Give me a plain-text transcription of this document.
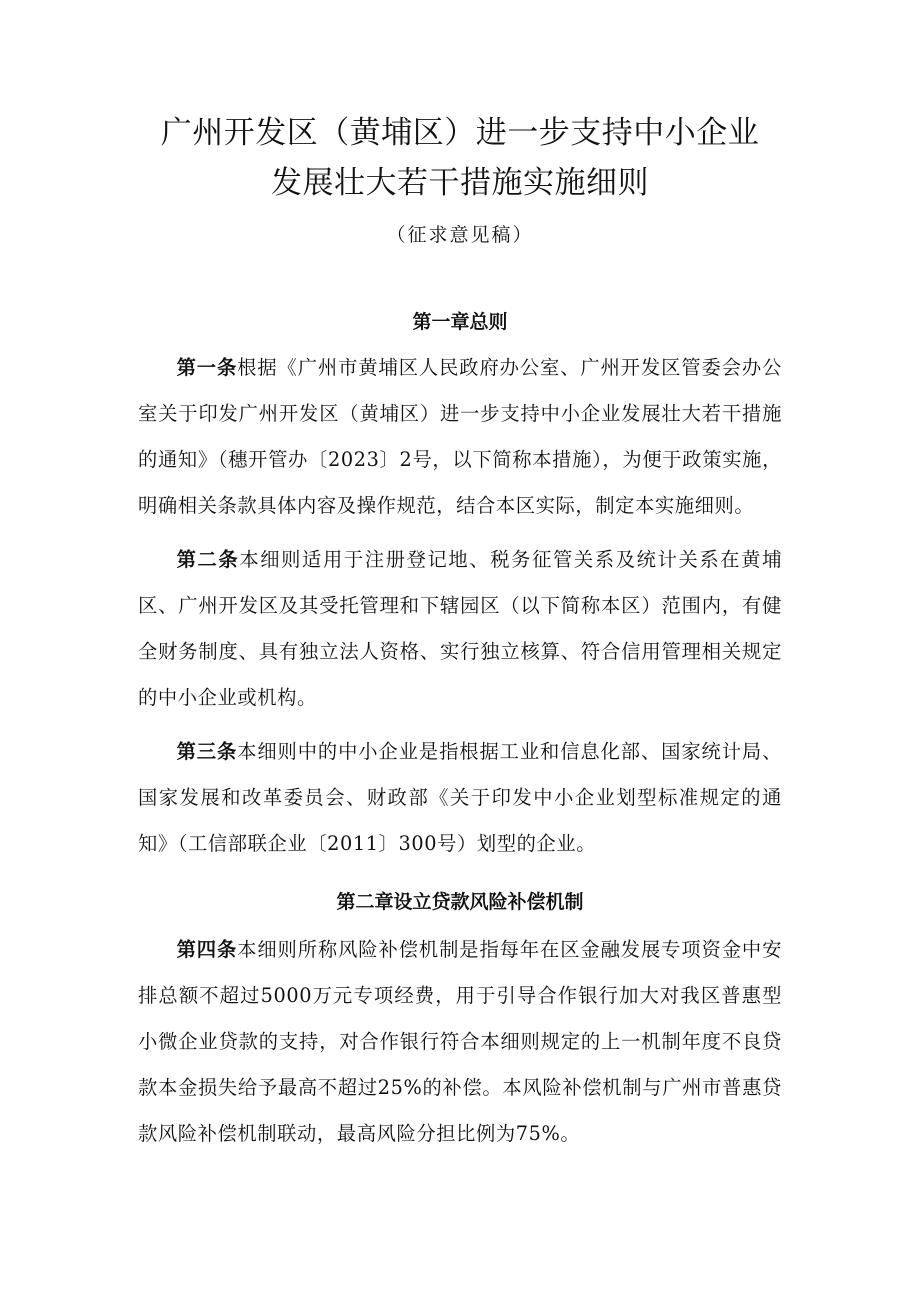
广州开发区（黄埔区）进一步支持中小企业
发展壮大若干措施实施细则
（征求意见稿）
第一章总则

第一条根据《广州市黄埔区人民政府办公室、广州开发区管委会办公室关于印发广州开发区（黄埔区）进一步支持中小企业发展壮大若干措施的通知》（穗开管办〔2023〕2号，以下简称本措施），为便于政策实施，明确相关条款具体内容及操作规范，结合本区实际，制定本实施细则。

第二条本细则适用于注册登记地、税务征管关系及统计关系在黄埔区、广州开发区及其受托管理和下辖园区（以下简称本区）范围内，有健全财务制度、具有独立法人资格、实行独立核算、符合信用管理相关规定的中小企业或机构。

第三条本细则中的中小企业是指根据工业和信息化部、国家统计局、国家发展和改革委员会、财政部《关于印发中小企业划型标准规定的通知》（工信部联企业〔2011〕300号）划型的企业。

第二章设立贷款风险补偿机制

第四条本细则所称风险补偿机制是指每年在区金融发展专项资金中安排总额不超过5000万元专项经费，用于引导合作银行加大对我区普惠型小微企业贷款的支持，对合作银行符合本细则规定的上一机制年度不良贷款本金损失给予最高不超过25%的补偿。本风险补偿机制与广州市普惠贷款风险补偿机制联动，最高风险分担比例为75%。
